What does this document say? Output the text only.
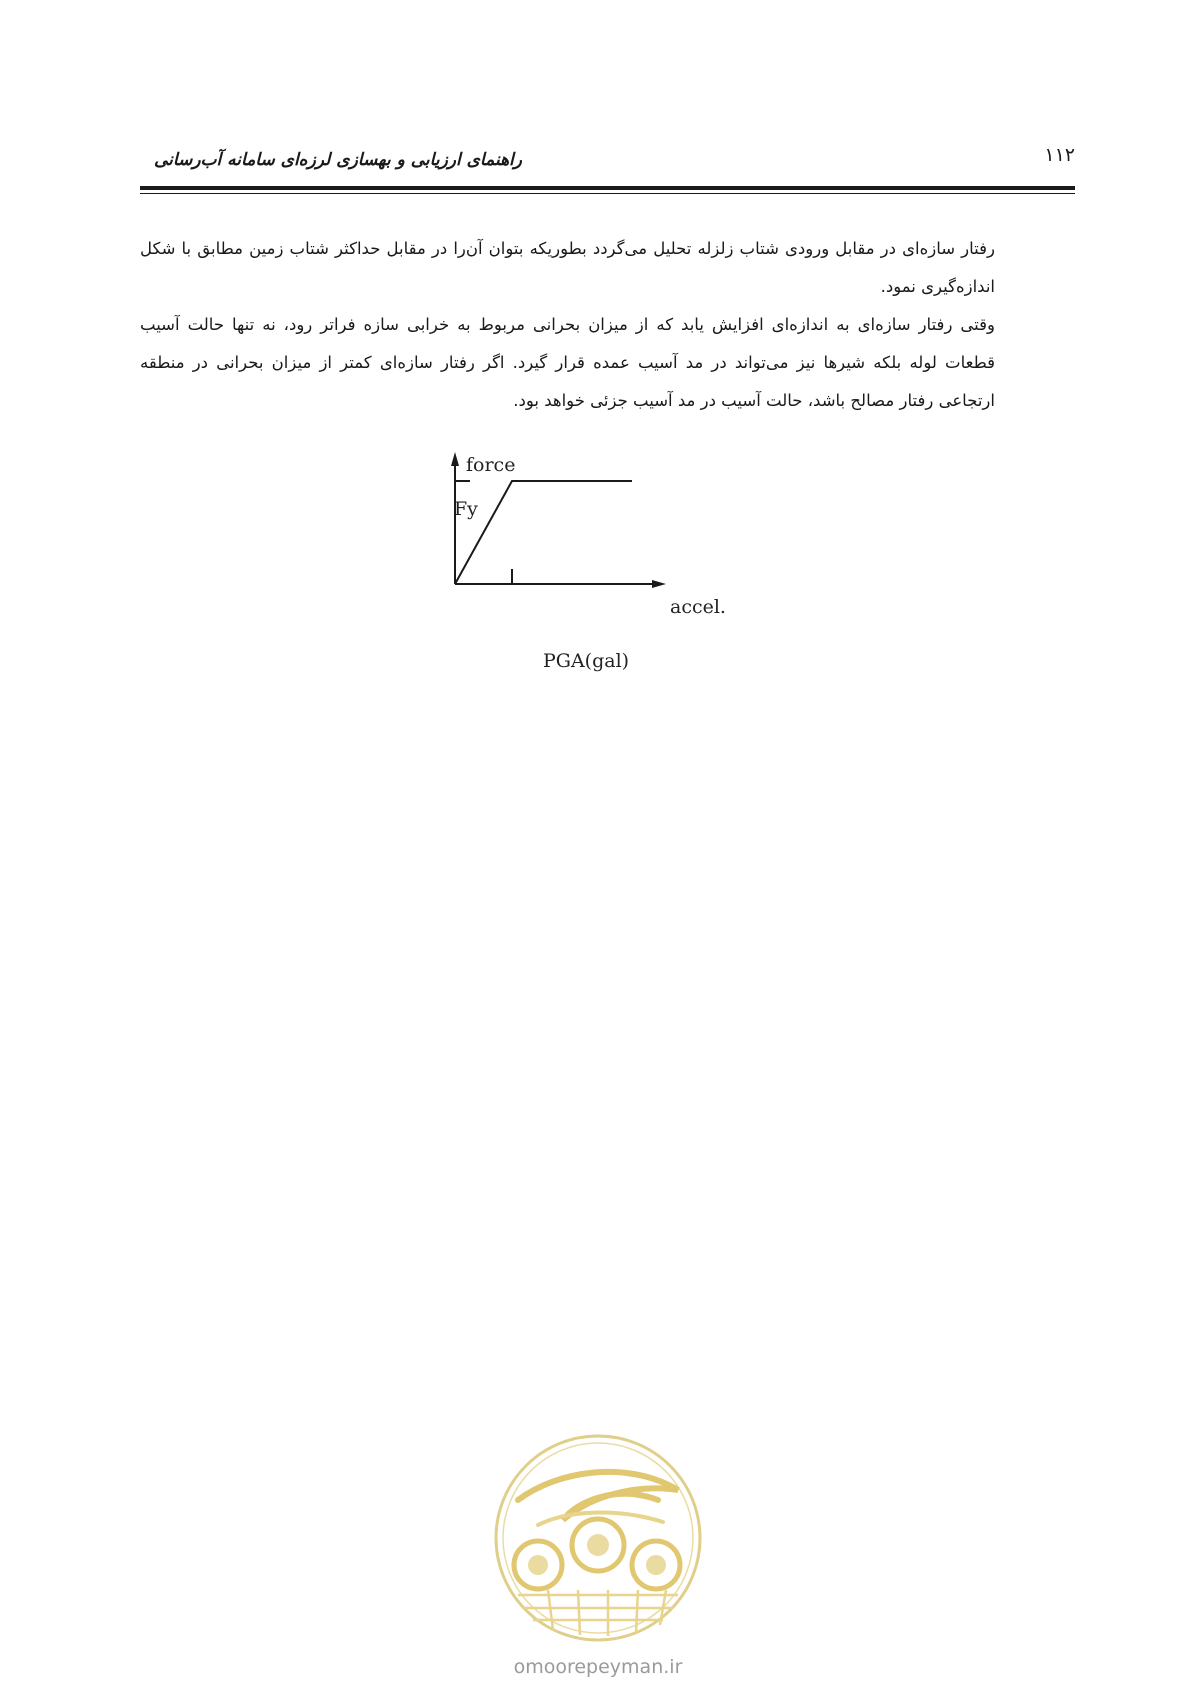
۱۱۲
راهنمای ارزیابی و بهسازی لرزه‌ای سامانه آب‌رسانی

رفتار سازه‌ای در مقابل ورودی شتاب زلزله تحلیل می‌گردد بطوریکه بتوان آن‌را در مقابل حداکثر شتاب زمین مطابق با شکل اندازه‌گیری نمود.

وقتی رفتار سازه‌ای به اندازه‌ای افزایش یابد که از میزان بحرانی مربوط به خرابی سازه فراتر رود، نه تنها حالت آسیب قطعات لوله بلکه شیرها نیز می‌تواند در مد آسیب عمده قرار گیرد. اگر رفتار سازه‌ای کمتر از میزان بحرانی در منطقه ارتجاعی رفتار مصالح باشد، حالت آسیب در مد آسیب جزئی خواهد بود.

force
Fy
accel.
PGA(gal)
omoorepeyman.ir
